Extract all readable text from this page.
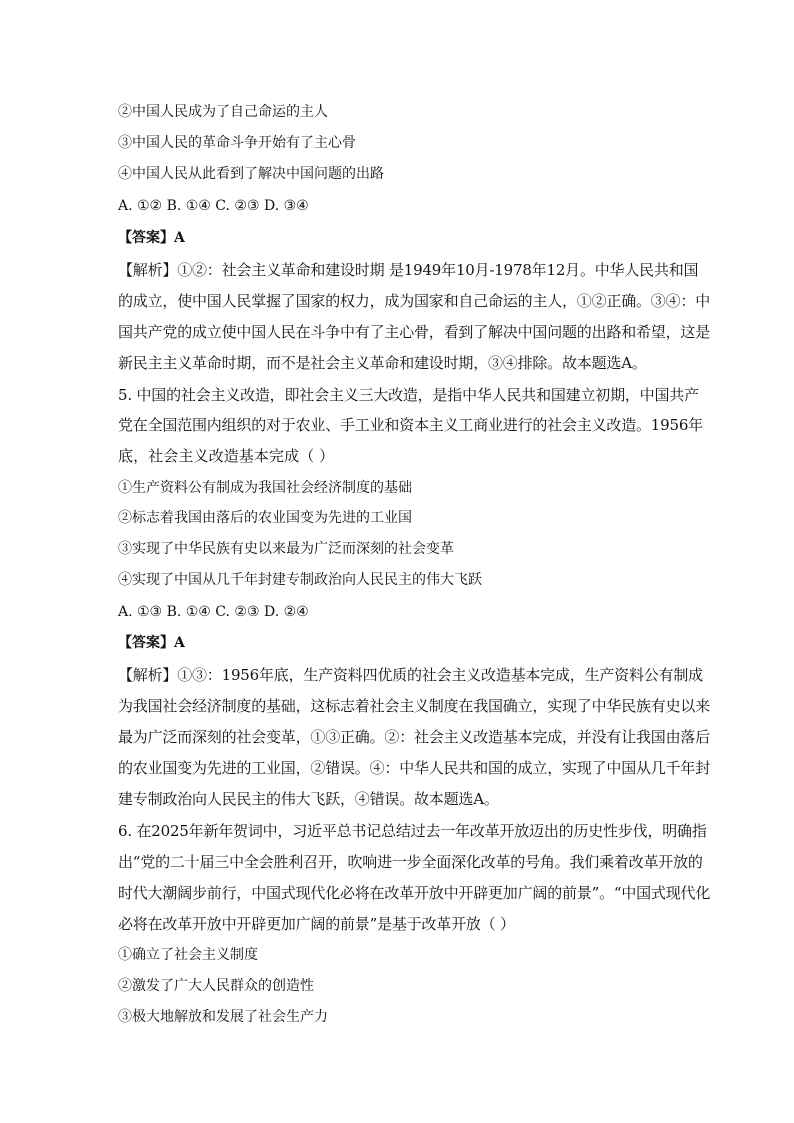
②中国人民成为了自己命运的主人
③中国人民的革命斗争开始有了主心骨
④中国人民从此看到了解决中国问题的出路
A. ①② B. ①④ C. ②③ D. ③④
【答案】A
【解析】①②：社会主义革命和建设时期 是1949年10月-1978年12月。中华人民共和国
的成立，使中国人民掌握了国家的权力，成为国家和自己命运的主人，①②正确。③④：中
国共产党的成立使中国人民在斗争中有了主心骨，看到了解决中国问题的出路和希望，这是
新民主主义革命时期，而不是社会主义革命和建设时期，③④排除。故本题选A。
5. 中国的社会主义改造，即社会主义三大改造，是指中华人民共和国建立初期，中国共产
党在全国范围内组织的对于农业、手工业和资本主义工商业进行的社会主义改造。1956年
底，社会主义改造基本完成（ ）
①生产资料公有制成为我国社会经济制度的基础
②标志着我国由落后的农业国变为先进的工业国
③实现了中华民族有史以来最为广泛而深刻的社会变革
④实现了中国从几千年封建专制政治向人民民主的伟大飞跃
A. ①③ B. ①④ C. ②③ D. ②④
【答案】A
【解析】①③：1956年底，生产资料四优质的社会主义改造基本完成，生产资料公有制成
为我国社会经济制度的基础，这标志着社会主义制度在我国确立，实现了中华民族有史以来
最为广泛而深刻的社会变革，①③正确。②：社会主义改造基本完成，并没有让我国由落后
的农业国变为先进的工业国，②错误。④：中华人民共和国的成立，实现了中国从几千年封
建专制政治向人民民主的伟大飞跃，④错误。故本题选A。
6. 在2025年新年贺词中，习近平总书记总结过去一年改革开放迈出的历史性步伐，明确指
出“党的二十届三中全会胜利召开，吹响进一步全面深化改革的号角。我们乘着改革开放的
时代大潮阔步前行，中国式现代化必将在改革开放中开辟更加广阔的前景”。“中国式现代化
必将在改革开放中开辟更加广阔的前景”是基于改革开放（ ）
①确立了社会主义制度
②激发了广大人民群众的创造性
③极大地解放和发展了社会生产力
